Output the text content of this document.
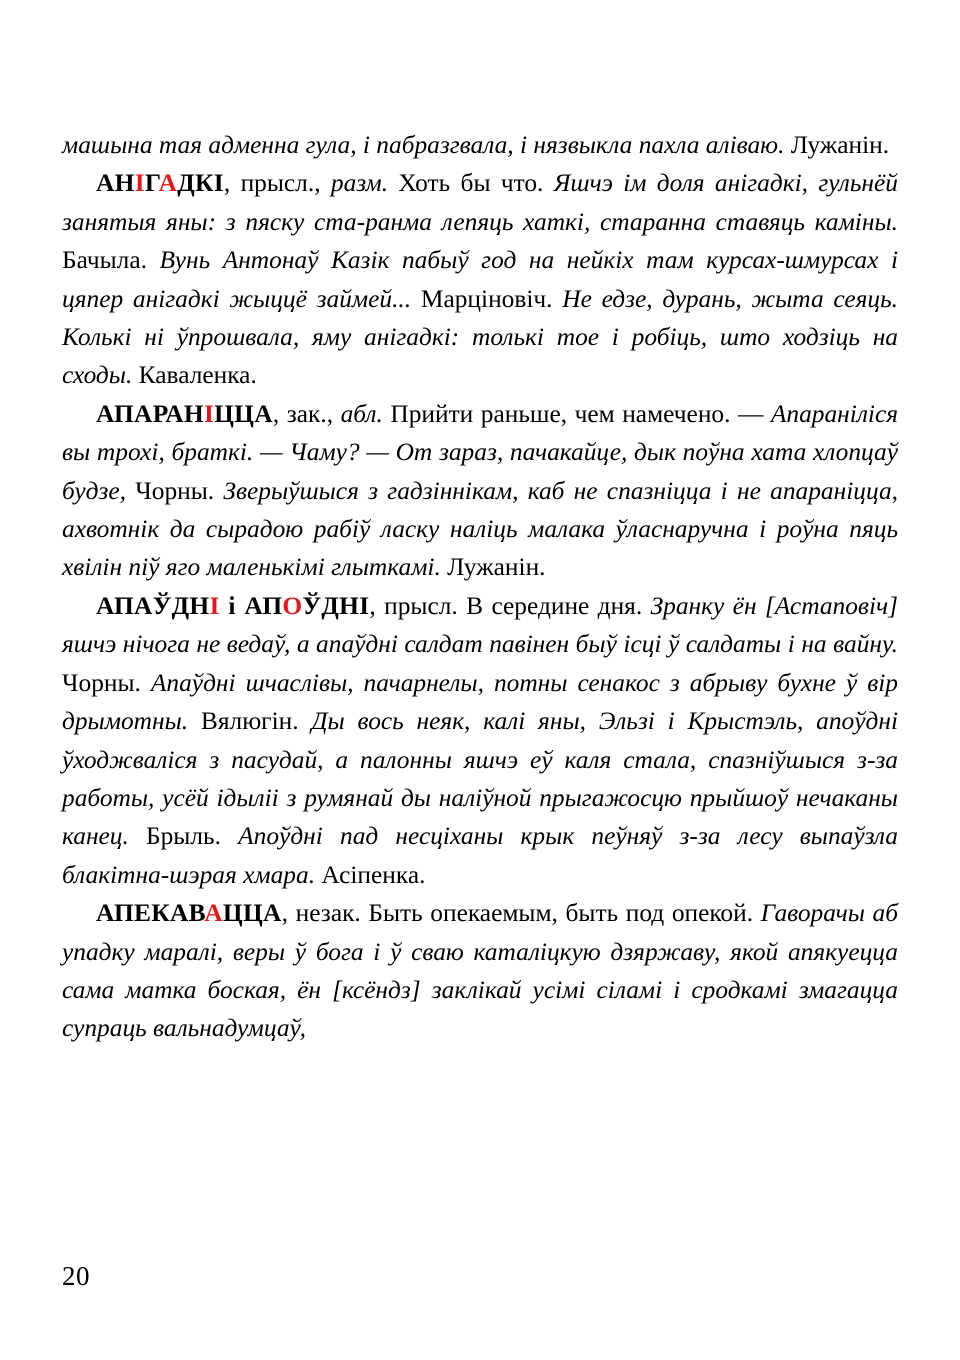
машына тая адменна гула, і пабразгвала, і нязвыкла пахла аліваю. Лужанін.

АНІГАДКІ, прысл., разм. Хоть бы что. Яшчэ ім доля анігадкі, гульнёй занятыя яны: з пяску ста-ранма лепяць хаткі, старанна ставяць каміны. Бачыла. Вунь Антонаў Казік пабыў год на нейкіх там курсах-шмурсах і цяпер анігадкі жыццё займей... Марціновіч. Не едзе, дурань, жыта сеяць. Колькі ні ўпрошвала, яму анігадкі: толькі тое і робіць, што ходзіць на сходы. Каваленка.

АПАРАНІЦЦА, зак., абл. Прийти раньше, чем намечено. — Апараніліся вы трохі, браткі. — Чаму? — От зараз, пачакайце, дык поўна хата хлопцаў будзе, Чорны. Зверыўшыся з гадзіннікам, каб не спазніцца і не апараніцца, ахвотнік да сырадою рабіў ласку наліць малака ўласнаручна і роўна пяць хвілін піў яго маленькімі глыткамі. Лужанін.

АПАЎДНІ і АПОЎДНІ, прысл. В середине дня. Зранку ён [Астаповіч] яшчэ нічога не ведаў, а апаўдні салдат павінен быў ісці ў салдаты і на вайну. Чорны. Апаўдні шчаслівы, пачарнелы, потны сенакос з абрыву бухне ў вір дрымотны. Вялюгін. Ды вось неяк, калі яны, Эльзі і Крыстэль, апоўдні ўходжваліся з пасудай, а палонны яшчэ еў каля стала, спазніўшыся з-за работы, усёй ідыліі з румянай ды наліўной прыгажосцю прыйшоў нечаканы канец. Брыль. Апоўдні пад несціханы крык пеўняў з-за лесу выпаўзла блакітна-шэрая хмара. Асіпенка.

АПЕКАВАЦЦА, незак. Быть опекаемым, быть под опекой. Гаворачы аб упадку маралі, веры ў бога і ў сваю каталіцкую дзяржаву, якой апякуецца сама матка боская, ён [ксёндз] заклікай усімі сіламі і сродкамі змагацца супраць вальнадумцаў,

20
